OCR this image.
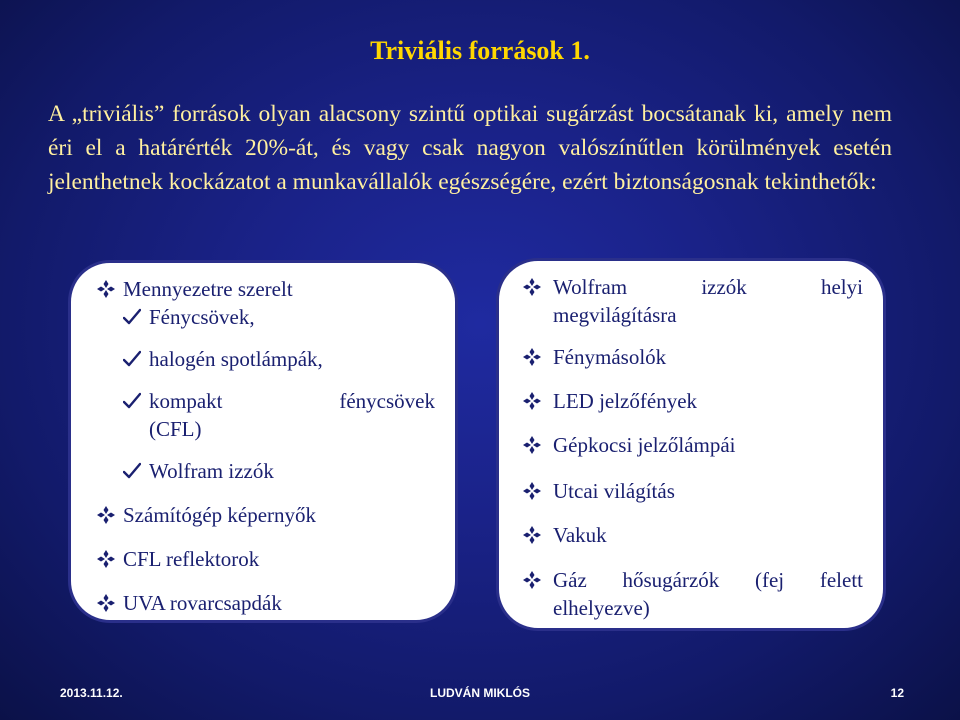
Triviális források 1.
A „triviális” források olyan alacsony szintű optikai sugárzást bocsátanak ki, amely nem éri el a határérték 20%-át, és vagy csak nagyon valószínűtlen körülmények esetén jelenthetnek kockázatot a munkavállalók egészségére, ezért biztonságosnak tekinthetők:
Mennyezetre szerelt
Fénycsövek,
halogén spotlámpák,
kompakt	fénycsövek
(CFL)
Wolfram izzók
Számítógép képernyők
CFL reflektorok
UVA rovarcsapdák
Wolfram	izzók	helyi
megvilágításra
Fénymásolók
LED jelzőfények
Gépkocsi jelzőlámpái
Utcai világítás
Vakuk
Gáz hősugárzók (fej felett
elhelyezve)
2013.11.12.	LUDVÁN MIKLÓS	12
